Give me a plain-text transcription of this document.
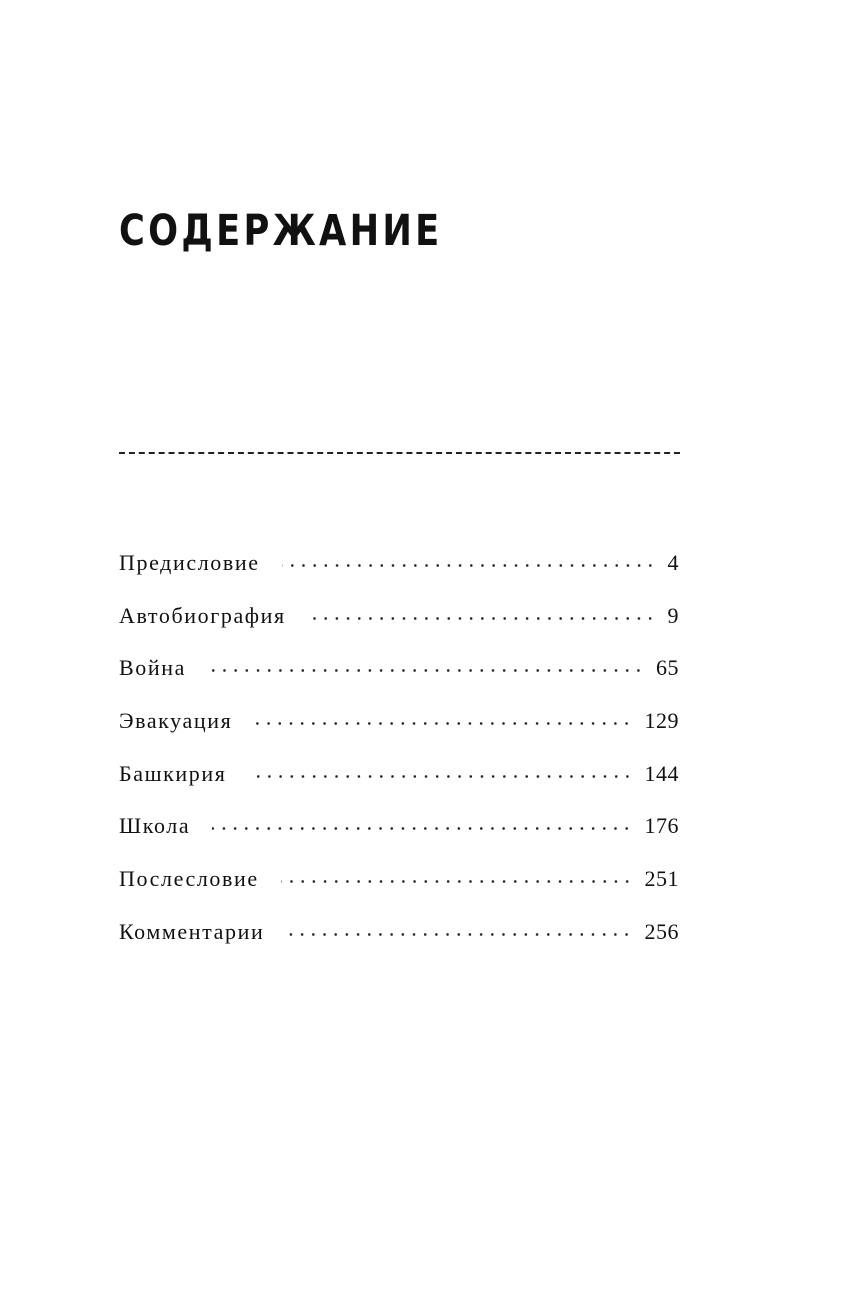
СОДЕРЖАНИЕ
Предисловие	4
Автобиография	9
Война	65
Эвакуация	129
Башкирия	144
Школа	176
Послесловие	251
Комментарии	256
